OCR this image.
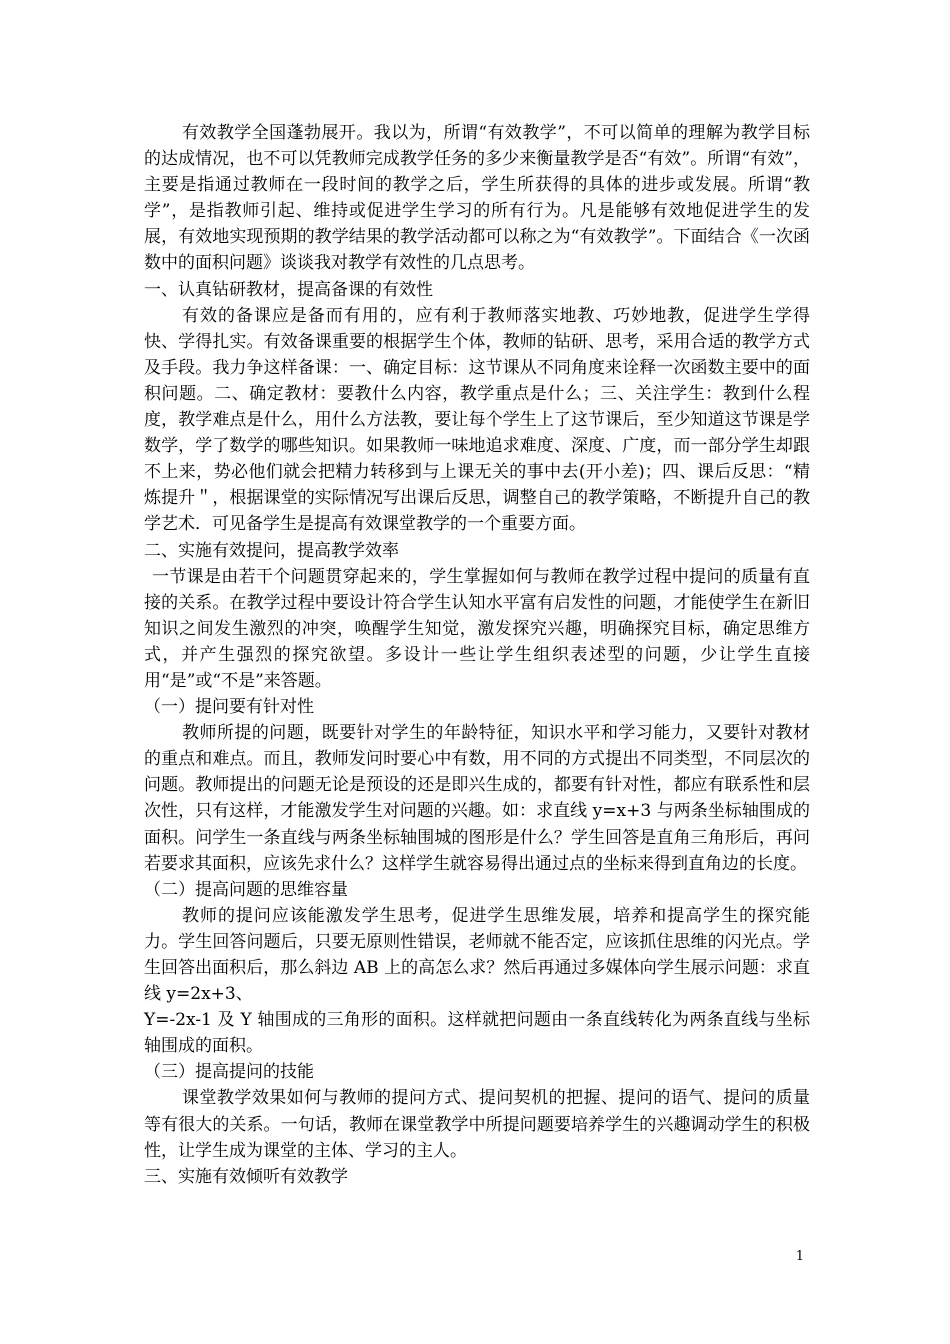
有效教学全国蓬勃展开。我以为，所谓“有效教学”，不可以简单的理解为教学目标的达成情况，也不可以凭教师完成教学任务的多少来衡量教学是否“有效”。所谓“有效”，主要是指通过教师在一段时间的教学之后，学生所获得的具体的进步或发展。所谓“教学”，是指教师引起、维持或促进学生学习的所有行为。凡是能够有效地促进学生的发展，有效地实现预期的教学结果的教学活动都可以称之为“有效教学”。下面结合《一次函数中的面积问题》谈谈我对教学有效性的几点思考。

一、认真钻研教材，提高备课的有效性

有效的备课应是备而有用的，应有利于教师落实地教、巧妙地教，促进学生学得快、学得扎实。有效备课重要的根据学生个体，教师的钻研、思考，采用合适的教学方式及手段。我力争这样备课：一、确定目标：这节课从不同角度来诠释一次函数主要中的面积问题。二、确定教材：要教什么内容，教学重点是什么；三、关注学生：教到什么程度，教学难点是什么，用什么方法教，要让每个学生上了这节课后，至少知道这节课是学数学，学了数学的哪些知识。如果教师一味地追求难度、深度、广度，而一部分学生却跟不上来，势必他们就会把精力转移到与上课无关的事中去(开小差)；四、课后反思：“精炼提升＂，根据课堂的实际情况写出课后反思，调整自己的教学策略，不断提升自己的教学艺术．可见备学生是提高有效课堂教学的一个重要方面。

二、实施有效提问，提高教学效率

一节课是由若干个问题贯穿起来的，学生掌握如何与教师在教学过程中提问的质量有直接的关系。在教学过程中要设计符合学生认知水平富有启发性的问题，才能使学生在新旧知识之间发生激烈的冲突，唤醒学生知觉，激发探究兴趣，明确探究目标，确定思维方式，并产生强烈的探究欲望。多设计一些让学生组织表述型的问题，少让学生直接用“是”或“不是”来答题。

（一）提问要有针对性

教师所提的问题，既要针对学生的年龄特征，知识水平和学习能力，又要针对教材的重点和难点。而且，教师发问时要心中有数，用不同的方式提出不同类型，不同层次的问题。教师提出的问题无论是预设的还是即兴生成的，都要有针对性，都应有联系性和层次性，只有这样，才能激发学生对问题的兴趣。如：求直线 y=x+3 与两条坐标轴围成的面积。问学生一条直线与两条坐标轴围城的图形是什么？学生回答是直角三角形后，再问若要求其面积，应该先求什么？这样学生就容易得出通过点的坐标来得到直角边的长度。

（二）提高问题的思维容量

教师的提问应该能激发学生思考，促进学生思维发展，培养和提高学生的探究能力。学生回答问题后，只要无原则性错误，老师就不能否定，应该抓住思维的闪光点。学生回答出面积后，那么斜边 AB 上的高怎么求？然后再通过多媒体向学生展示问题：求直线 y=2x+3、

Y=-2x-1 及 Y 轴围成的三角形的面积。这样就把问题由一条直线转化为两条直线与坐标轴围成的面积。

（三）提高提问的技能

课堂教学效果如何与教师的提问方式、提问契机的把握、提问的语气、提问的质量等有很大的关系。一句话，教师在课堂教学中所提问题要培养学生的兴趣调动学生的积极性，让学生成为课堂的主体、学习的主人。

三、实施有效倾听有效教学

1
